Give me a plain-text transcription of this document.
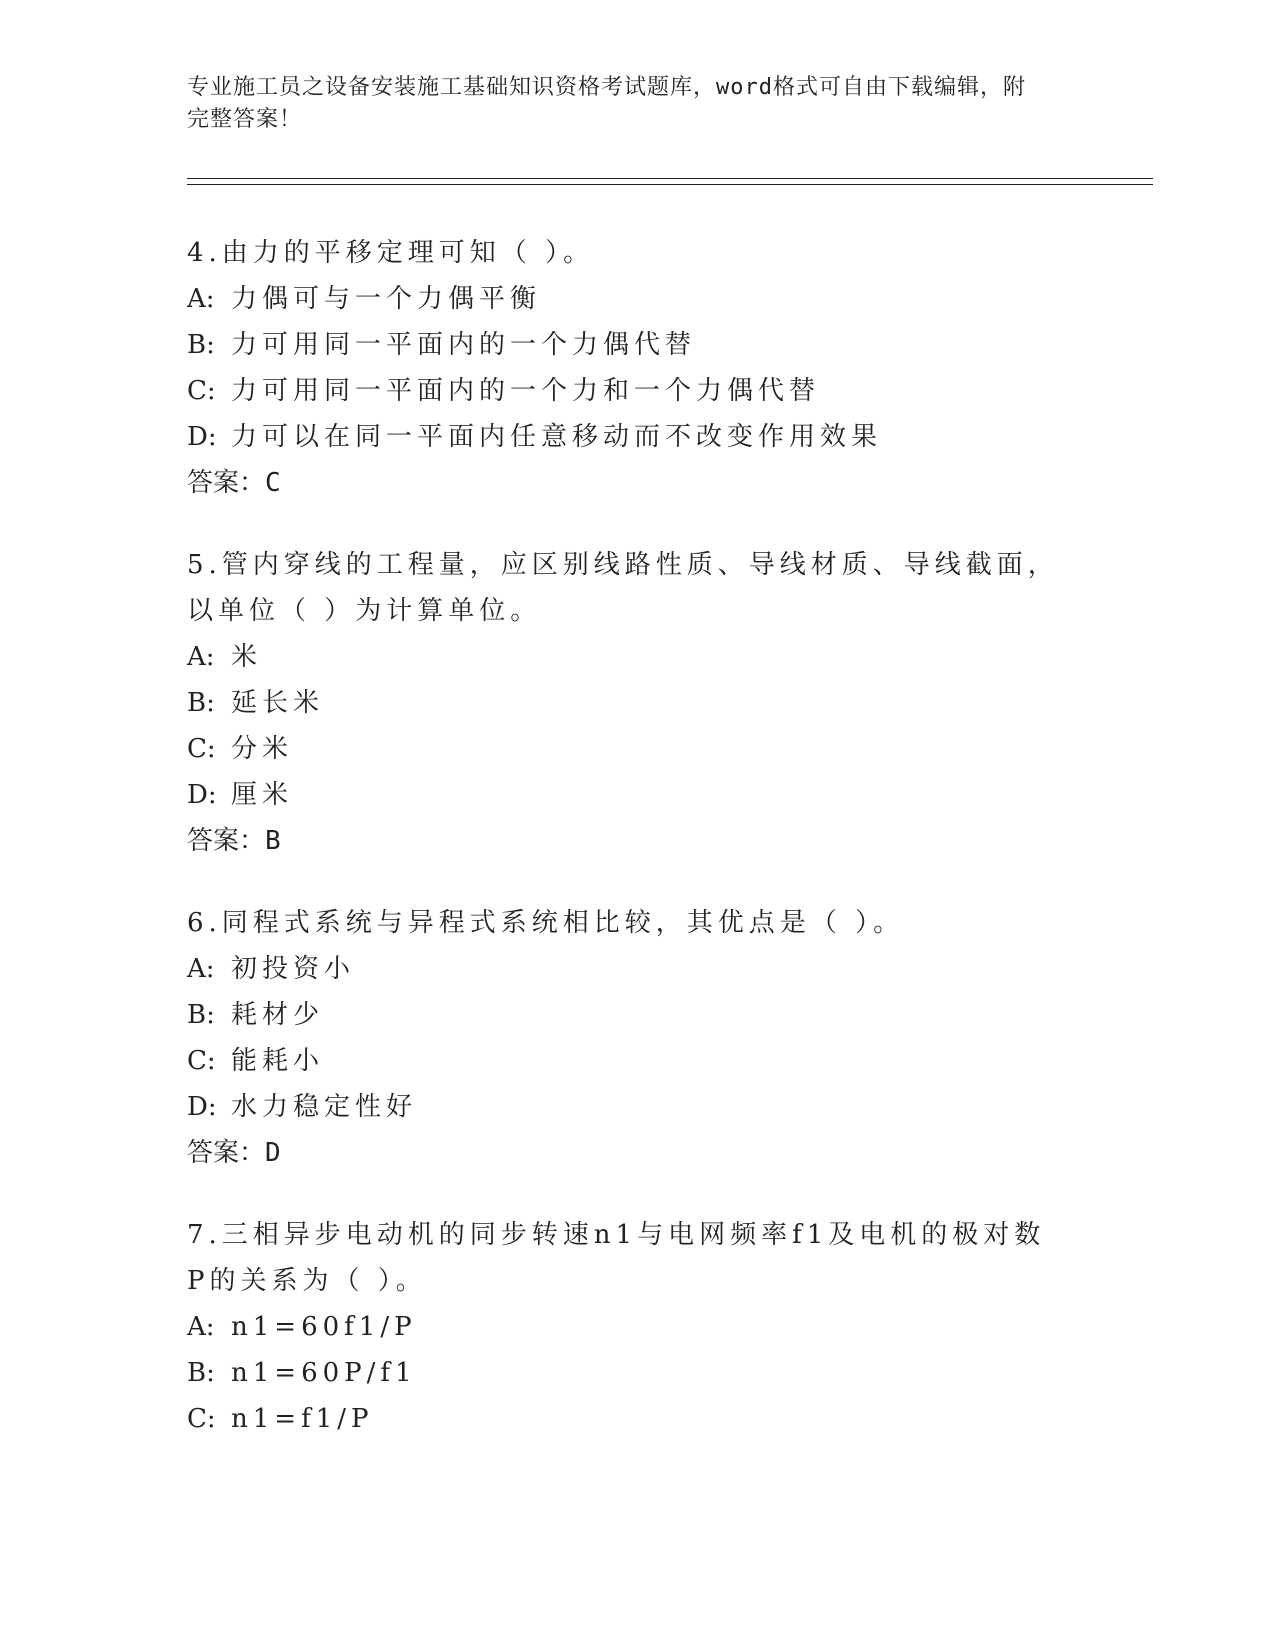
专业施工员之设备安装施工基础知识资格考试题库，word格式可自由下载编辑，附完整答案！
4.由力的平移定理可知（ ）。
A: 力偶可与一个力偶平衡
B: 力可用同一平面内的一个力偶代替
C: 力可用同一平面内的一个力和一个力偶代替
D: 力可以在同一平面内任意移动而不改变作用效果
答案：C
5.管内穿线的工程量，应区别线路性质、导线材质、导线截面，以单位（ ）为计算单位。
A: 米
B: 延长米
C: 分米
D: 厘米
答案：B
6.同程式系统与异程式系统相比较，其优点是（ ）。
A: 初投资小
B: 耗材少
C: 能耗小
D: 水力稳定性好
答案：D
7.三相异步电动机的同步转速n1与电网频率f1及电机的极对数P的关系为（ ）。
A: n1=60f1/P
B: n1=60P/f1
C: n1=f1/P
